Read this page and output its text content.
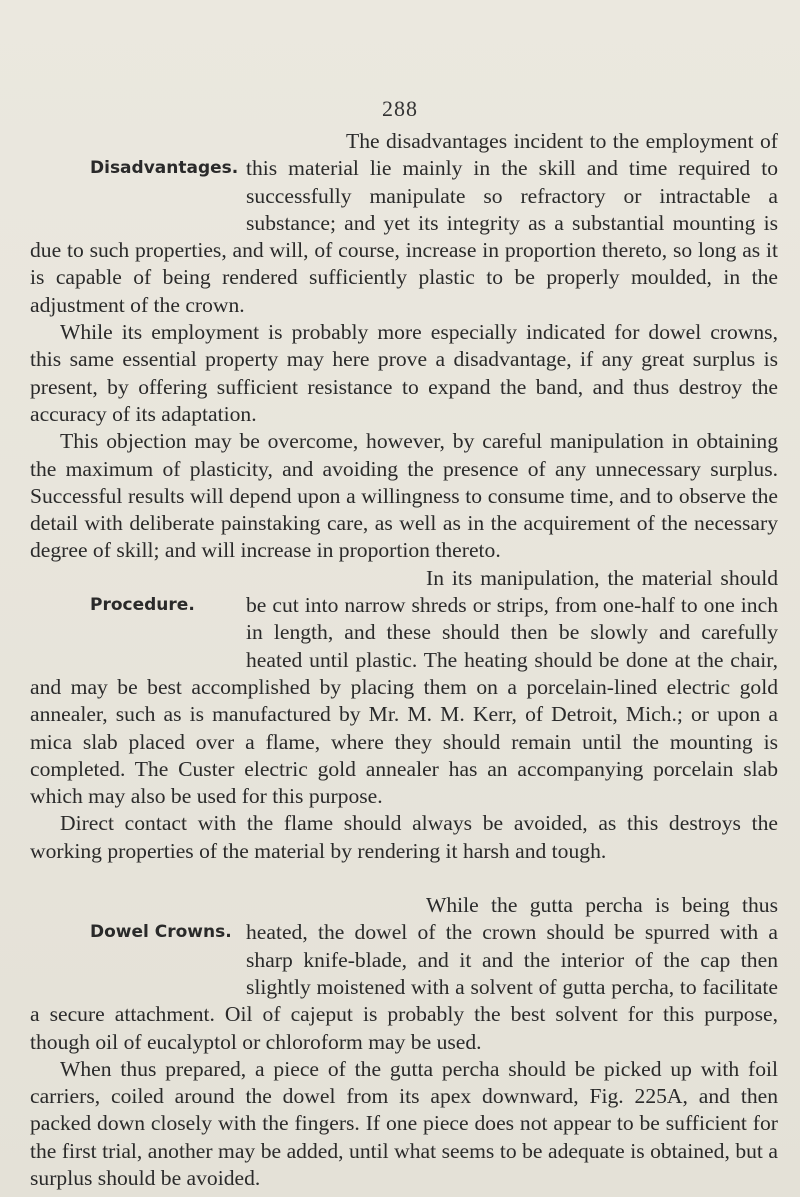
288
Disadvantages.

The disadvantages incident to the employment of this material lie mainly in the skill and time required to successfully manipulate so refractory or intractable a substance; and yet its integrity as a substantial mounting is due to such properties, and will, of course, increase in proportion thereto, so long as it is capable of being rendered sufficiently plastic to be properly moulded, in the adjustment of the crown.

While its employment is probably more especially indicated for dowel crowns, this same essential property may here prove a disadvantage, if any great surplus is present, by offering sufficient resistance to expand the band, and thus destroy the accuracy of its adaptation.

This objection may be overcome, however, by careful manipulation in obtaining the maximum of plasticity, and avoiding the presence of any unnecessary surplus. Successful results will depend upon a willingness to consume time, and to observe the detail with deliberate painstaking care, as well as in the acquirement of the necessary degree of skill; and will increase in proportion thereto.

Procedure.

In its manipulation, the material should be cut into narrow shreds or strips, from one-half to one inch in length, and these should then be slowly and carefully heated until plastic. The heating should be done at the chair, and may be best accomplished by placing them on a porcelain-lined electric gold annealer, such as is manufactured by Mr. M. M. Kerr, of Detroit, Mich.; or upon a mica slab placed over a flame, where they should remain until the mounting is completed. The Custer electric gold annealer has an accompanying porcelain slab which may also be used for this purpose.

Direct contact with the flame should always be avoided, as this destroys the working properties of the material by rendering it harsh and tough.

Dowel Crowns.

While the gutta percha is being thus heated, the dowel of the crown should be spurred with a sharp knife-blade, and it and the interior of the cap then slightly moistened with a solvent of gutta percha, to facilitate a secure attachment. Oil of cajeput is probably the best solvent for this purpose, though oil of eucalyptol or chloroform may be used.

When thus prepared, a piece of the gutta percha should be picked up with foil carriers, coiled around the dowel from its apex downward, Fig. 225A, and then packed down closely with the fingers. If one piece does not appear to be sufficient for the first trial, another may be added, until what seems to be adequate is obtained, but a surplus should be avoided.
